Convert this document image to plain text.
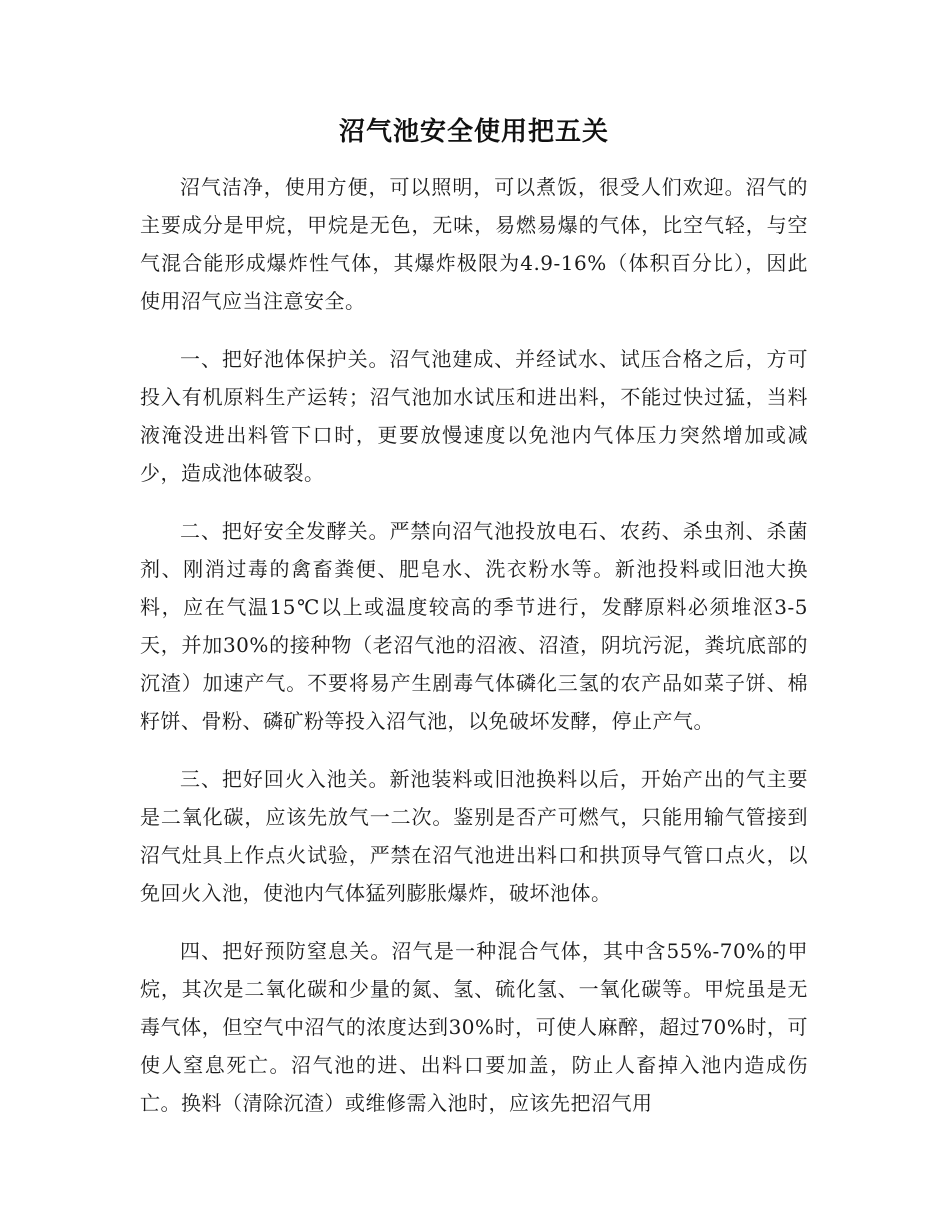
沼气池安全使用把五关

沼气洁净，使用方便，可以照明，可以煮饭，很受人们欢迎。沼气的主要成分是甲烷，甲烷是无色，无味，易燃易爆的气体，比空气轻，与空气混合能形成爆炸性气体，其爆炸极限为4.9-16%（体积百分比），因此使用沼气应当注意安全。

一、把好池体保护关。沼气池建成、并经试水、试压合格之后，方可投入有机原料生产运转；沼气池加水试压和进出料，不能过快过猛，当料液淹没进出料管下口时，更要放慢速度以免池内气体压力突然增加或减少，造成池体破裂。

二、把好安全发酵关。严禁向沼气池投放电石、农药、杀虫剂、杀菌剂、刚消过毒的禽畜粪便、肥皂水、洗衣粉水等。新池投料或旧池大换料，应在气温15℃以上或温度较高的季节进行，发酵原料必须堆沤3-5天，并加30%的接种物（老沼气池的沼液、沼渣，阴坑污泥，粪坑底部的沉渣）加速产气。不要将易产生剧毒气体磷化三氢的农产品如菜子饼、棉籽饼、骨粉、磷矿粉等投入沼气池，以免破坏发酵，停止产气。

三、把好回火入池关。新池装料或旧池换料以后，开始产出的气主要是二氧化碳，应该先放气一二次。鉴别是否产可燃气，只能用输气管接到沼气灶具上作点火试验，严禁在沼气池进出料口和拱顶导气管口点火，以免回火入池，使池内气体猛列膨胀爆炸，破坏池体。

四、把好预防窒息关。沼气是一种混合气体，其中含55%-70%的甲烷，其次是二氧化碳和少量的氮、氢、硫化氢、一氧化碳等。甲烷虽是无毒气体，但空气中沼气的浓度达到30%时，可使人麻醉，超过70%时，可使人窒息死亡。沼气池的进、出料口要加盖，防止人畜掉入池内造成伤亡。换料（清除沉渣）或维修需入池时，应该先把沼气用
